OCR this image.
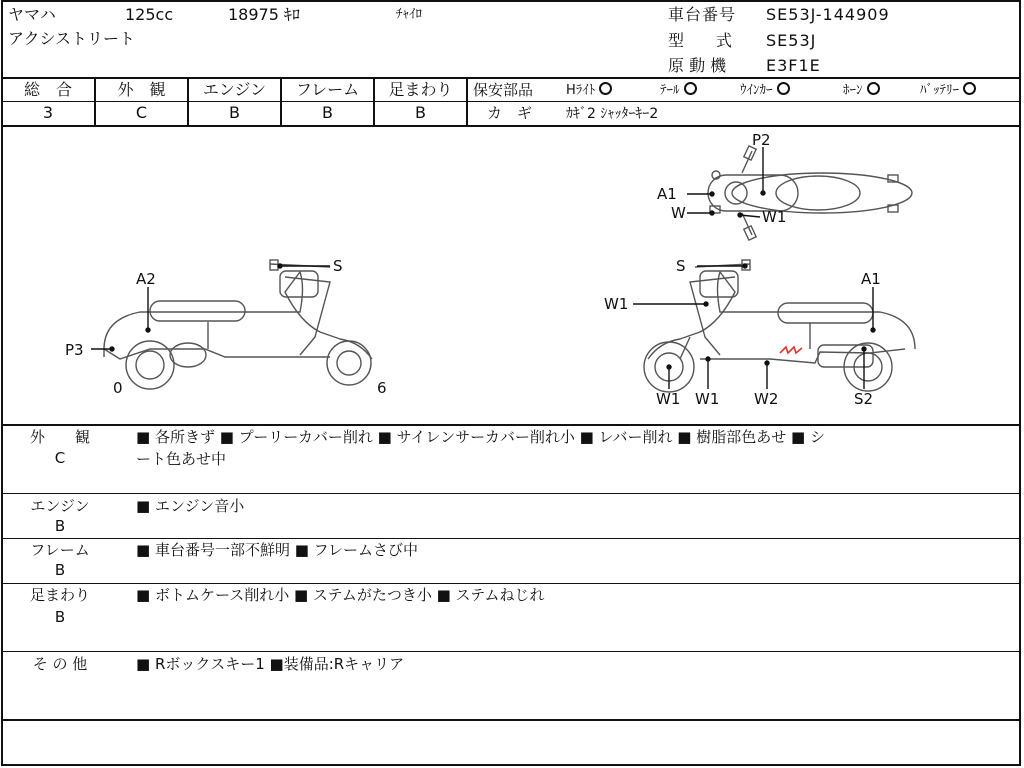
ヤマハ	125cc	18975 ｷﾛ	ﾁｬｲﾛ
アクシストリート
車台番号 SE53J-144909
型　　式 SE53J
原 動 機 E3F1E
総　合
3
外　観
C
エンジン
B
フレーム
B
足まわり
B
保安部品	Hﾗｲﾄ	ﾃｰﾙ	ｳｲﾝｶｰ	ﾎｰﾝ	ﾊﾞｯﾃﾘｰ
カ　ギ ｶｷﾞ2 ｼｬｯﾀｰｷｰ2
P2
A1
W	W1
S
A2
P3
0	6
S
A1
W1
W1 W1 W2	S2
外　　観
C
■ 各所きず ■ プーリーカバー削れ ■ サイレンサーカバー削れ小 ■ レバー削れ ■ 樹脂部色あせ ■ シ
ート色あせ中
エンジン
B
■ エンジン音小
フレーム
B
■ 車台番号一部不鮮明 ■ フレームさび中
足まわり
B
■ ボトムケース削れ小 ■ ステムがたつき小 ■ ステムねじれ
そ の 他	■ Rボックスキー1 ■装備品:Rキャリア
